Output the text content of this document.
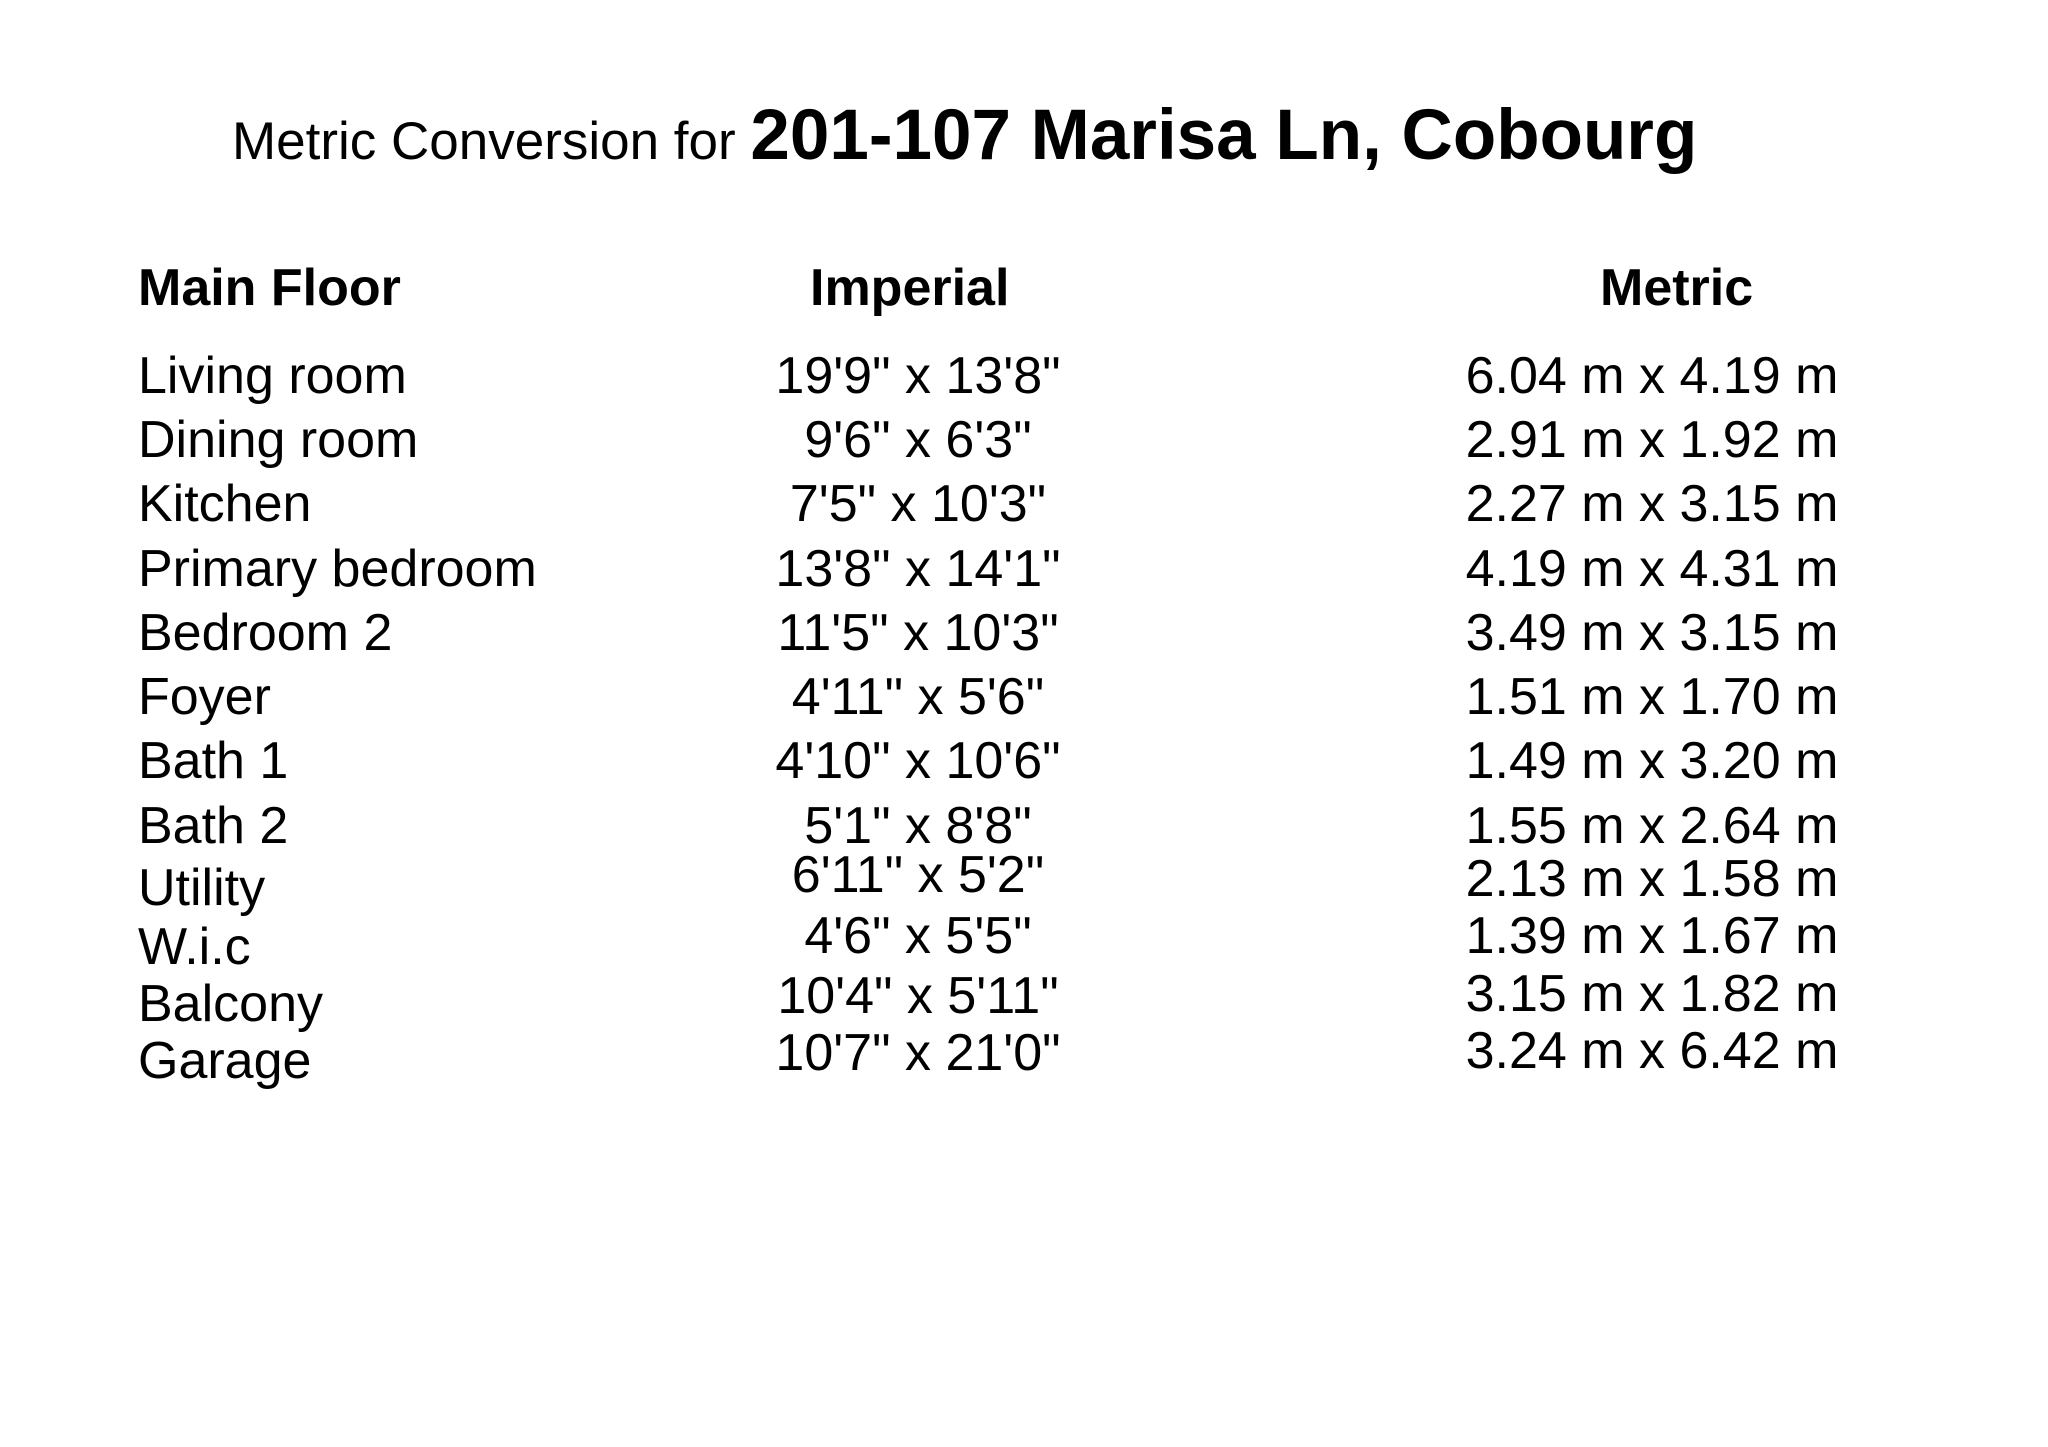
Metric Conversion for 201-107 Marisa Ln, Cobourg
Main Floor	Imperial	Metric
Living room	19'9" x 13'8"	6.04 m x 4.19 m
Dining room	9'6" x 6'3"	2.91 m x 1.92 m
Kitchen	7'5" x 10'3"	2.27 m x 3.15 m
Primary bedroom	13'8" x 14'1"	4.19 m x 4.31 m
Bedroom 2	11'5" x 10'3"	3.49 m x 3.15 m
Foyer	4'11" x 5'6"	1.51 m x 1.70 m
Bath 1	4'10" x 10'6"	1.49 m x 3.20 m
Bath 2	5'1" x 8'8"	1.55 m x 2.64 m
Utility	6'11" x 5'2"	2.13 m x 1.58 m
W.i.c	4'6" x 5'5"	1.39 m x 1.67 m
Balcony	10'4" x 5'11"	3.15 m x 1.82 m
Garage	10'7" x 21'0"	3.24 m x 6.42 m
